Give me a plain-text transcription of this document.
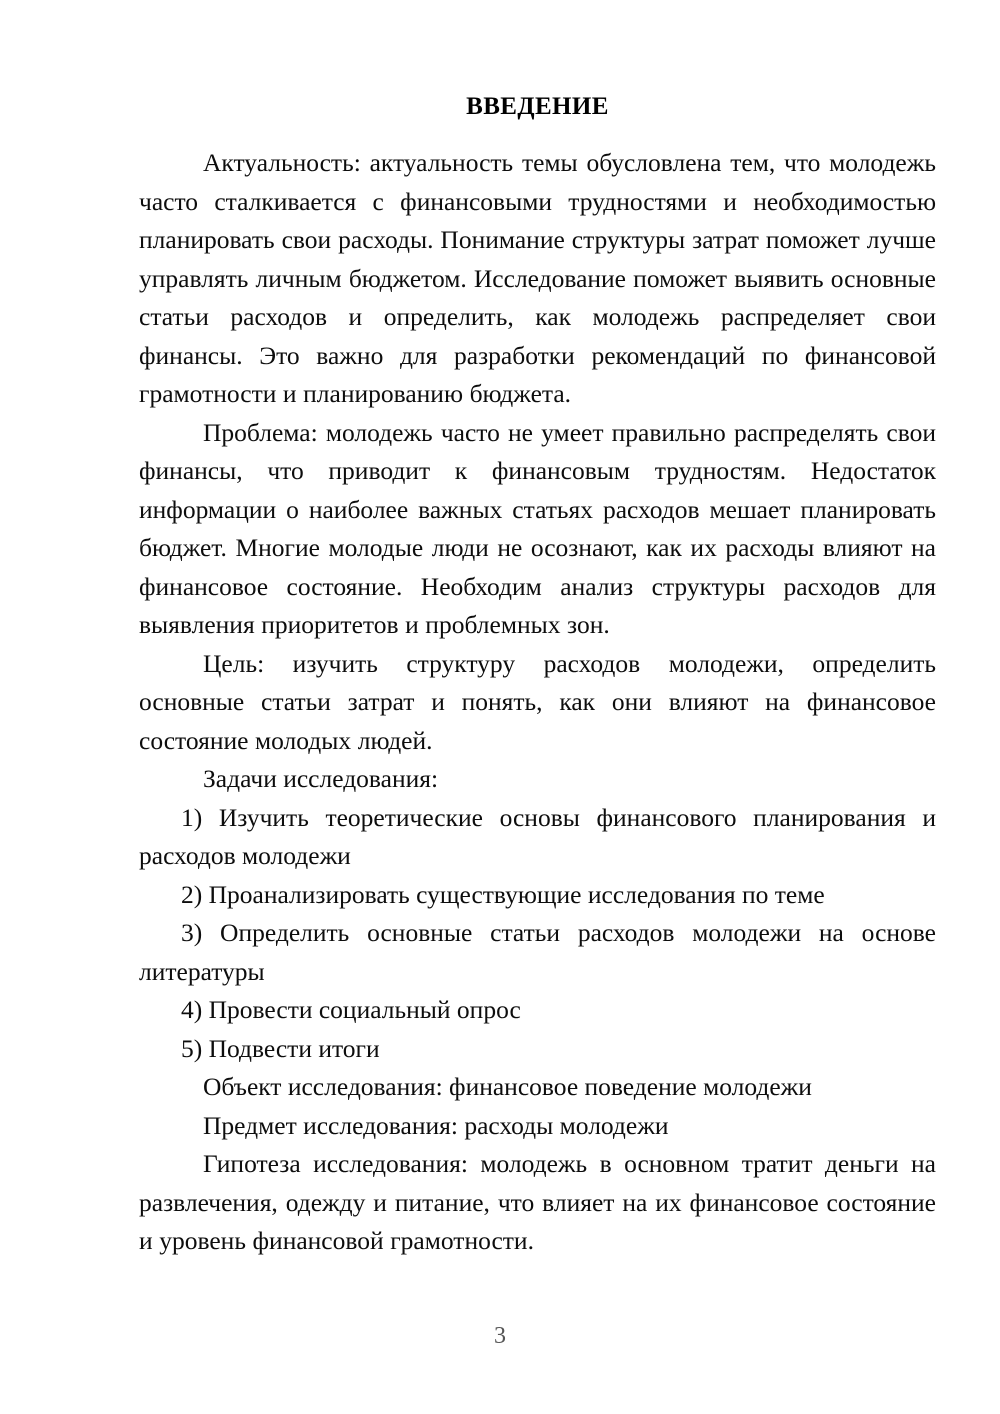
ВВЕДЕНИЕ

Актуальность: актуальность темы обусловлена тем, что молодежь часто сталкивается с финансовыми трудностями и необходимостью планировать свои расходы. Понимание структуры затрат поможет лучше управлять личным бюджетом. Исследование поможет выявить основные статьи расходов и определить, как молодежь распределяет свои финансы. Это важно для разработки рекомендаций по финансовой грамотности и планированию бюджета.

Проблема: молодежь часто не умеет правильно распределять свои финансы, что приводит к финансовым трудностям. Недостаток информации о наиболее важных статьях расходов мешает планировать бюджет. Многие молодые люди не осознают, как их расходы влияют на финансовое состояние. Необходим анализ структуры расходов для выявления приоритетов и проблемных зон.

Цель: изучить структуру расходов молодежи, определить основные статьи затрат и понять, как они влияют на финансовое состояние молодых людей.

Задачи исследования:

1) Изучить теоретические основы финансового планирования и расходов молодежи

2) Проанализировать существующие исследования по теме

3) Определить основные статьи расходов молодежи на основе литературы

4) Провести социальный опрос

5) Подвести итоги

Объект исследования: финансовое поведение молодежи

Предмет исследования: расходы молодежи

Гипотеза исследования: молодежь в основном тратит деньги на развлечения, одежду и питание, что влияет на их финансовое состояние и уровень финансовой грамотности.

3
